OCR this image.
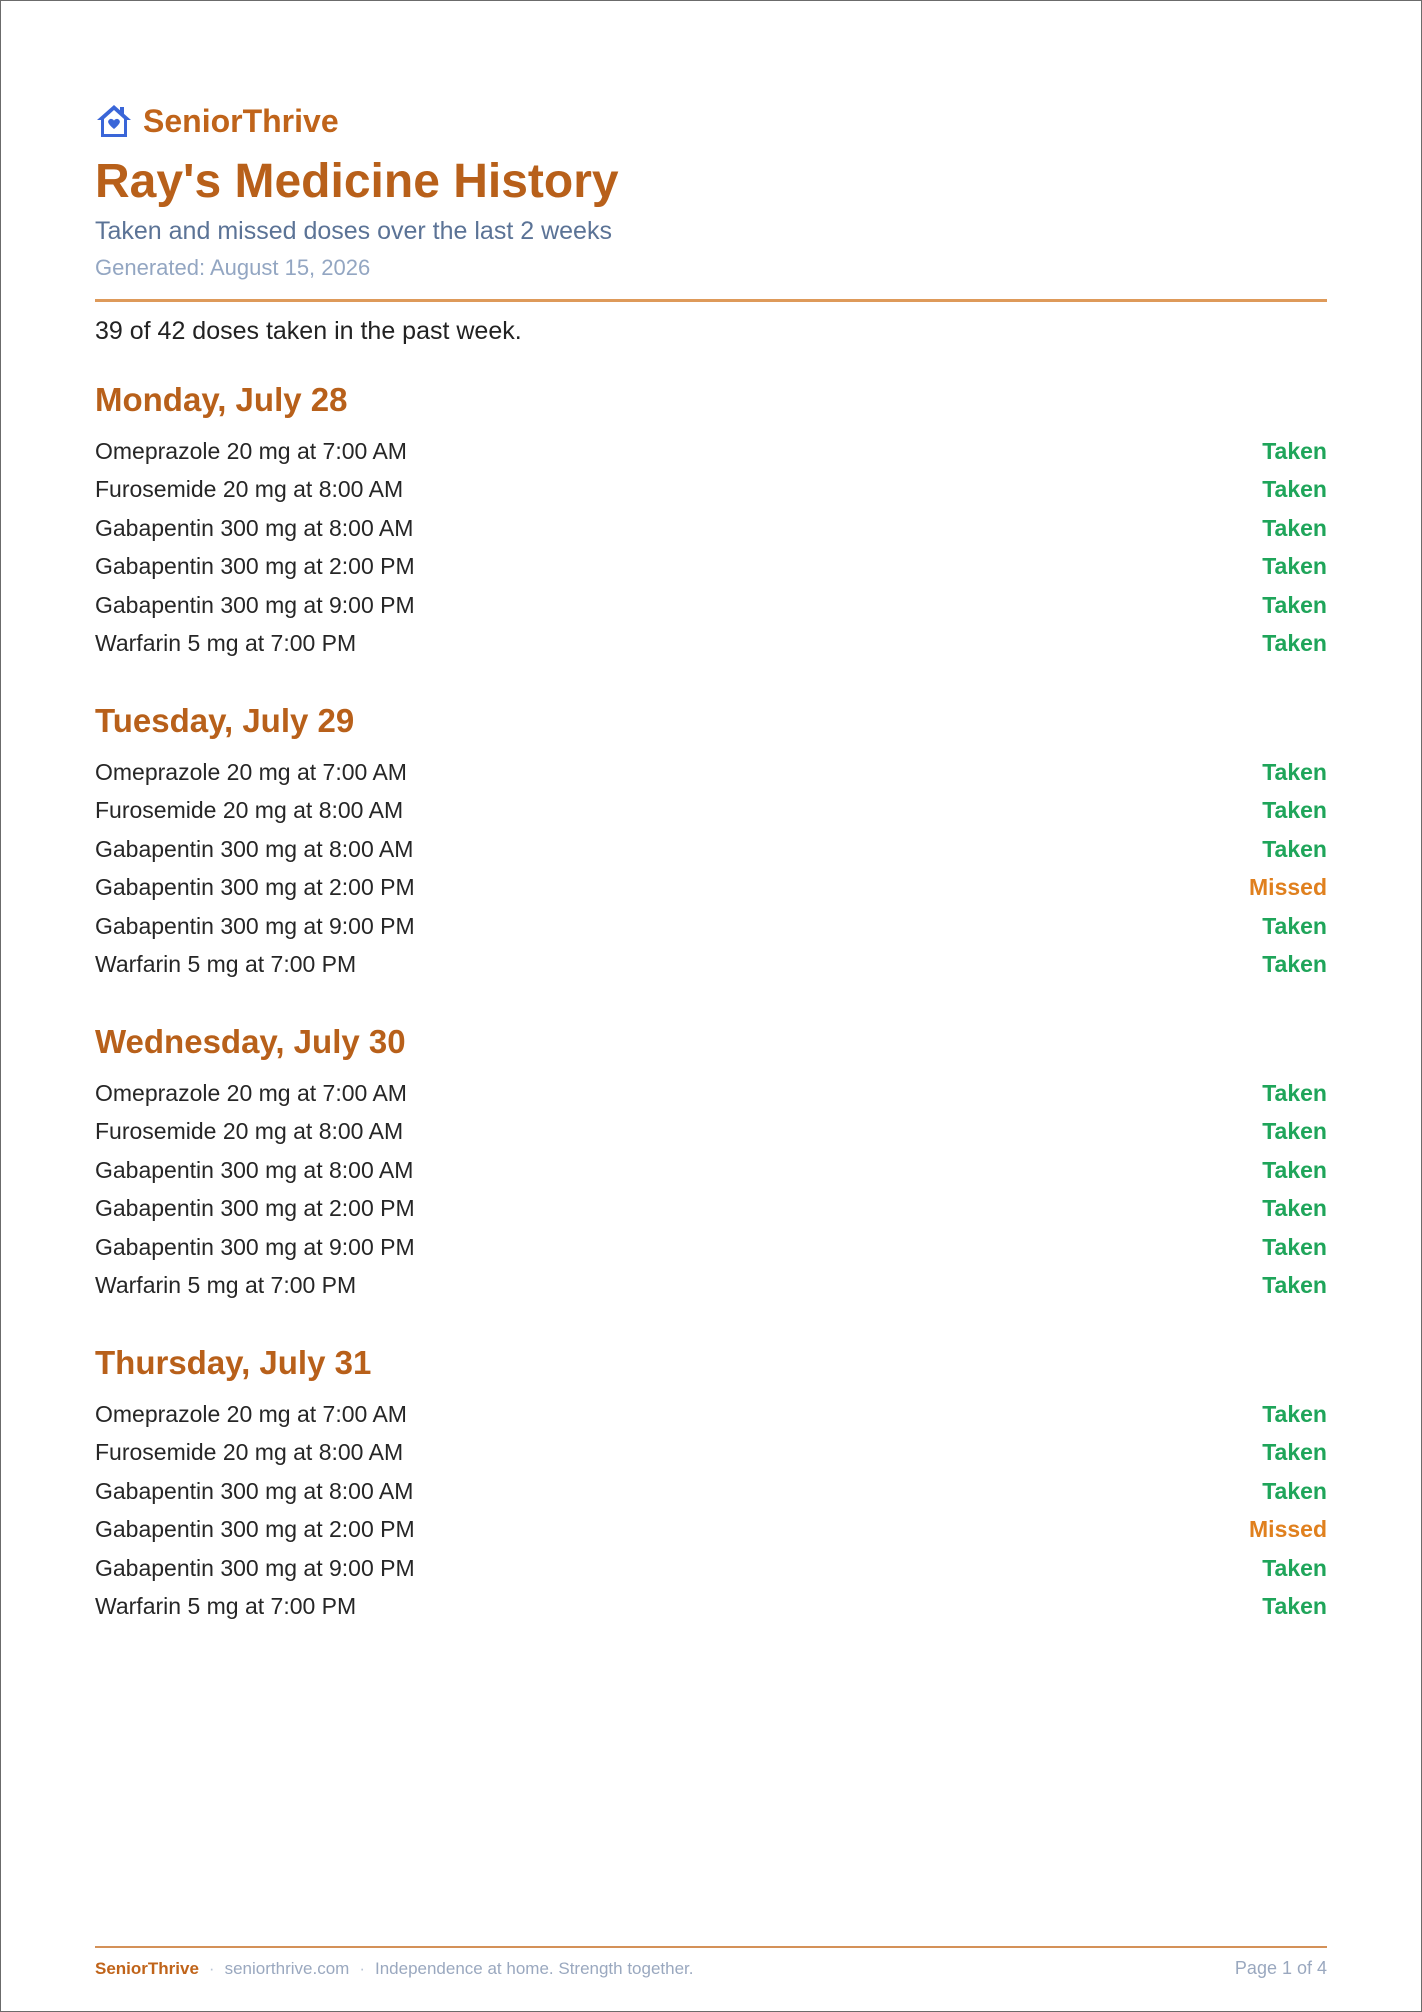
SeniorThrive
Ray's Medicine History
Taken and missed doses over the last 2 weeks
Generated: August 15, 2026
39 of 42 doses taken in the past week.
Monday, July 28
Omeprazole 20 mg at 7:00 AM	Taken
Furosemide 20 mg at 8:00 AM	Taken
Gabapentin 300 mg at 8:00 AM	Taken
Gabapentin 300 mg at 2:00 PM	Taken
Gabapentin 300 mg at 9:00 PM	Taken
Warfarin 5 mg at 7:00 PM	Taken
Tuesday, July 29
Omeprazole 20 mg at 7:00 AM	Taken
Furosemide 20 mg at 8:00 AM	Taken
Gabapentin 300 mg at 8:00 AM	Taken
Gabapentin 300 mg at 2:00 PM	Missed
Gabapentin 300 mg at 9:00 PM	Taken
Warfarin 5 mg at 7:00 PM	Taken
Wednesday, July 30
Omeprazole 20 mg at 7:00 AM	Taken
Furosemide 20 mg at 8:00 AM	Taken
Gabapentin 300 mg at 8:00 AM	Taken
Gabapentin 300 mg at 2:00 PM	Taken
Gabapentin 300 mg at 9:00 PM	Taken
Warfarin 5 mg at 7:00 PM	Taken
Thursday, July 31
Omeprazole 20 mg at 7:00 AM	Taken
Furosemide 20 mg at 8:00 AM	Taken
Gabapentin 300 mg at 8:00 AM	Taken
Gabapentin 300 mg at 2:00 PM	Missed
Gabapentin 300 mg at 9:00 PM	Taken
Warfarin 5 mg at 7:00 PM	Taken
SeniorThrive · seniorthrive.com · Independence at home. Strength together.	Page 1 of 4
